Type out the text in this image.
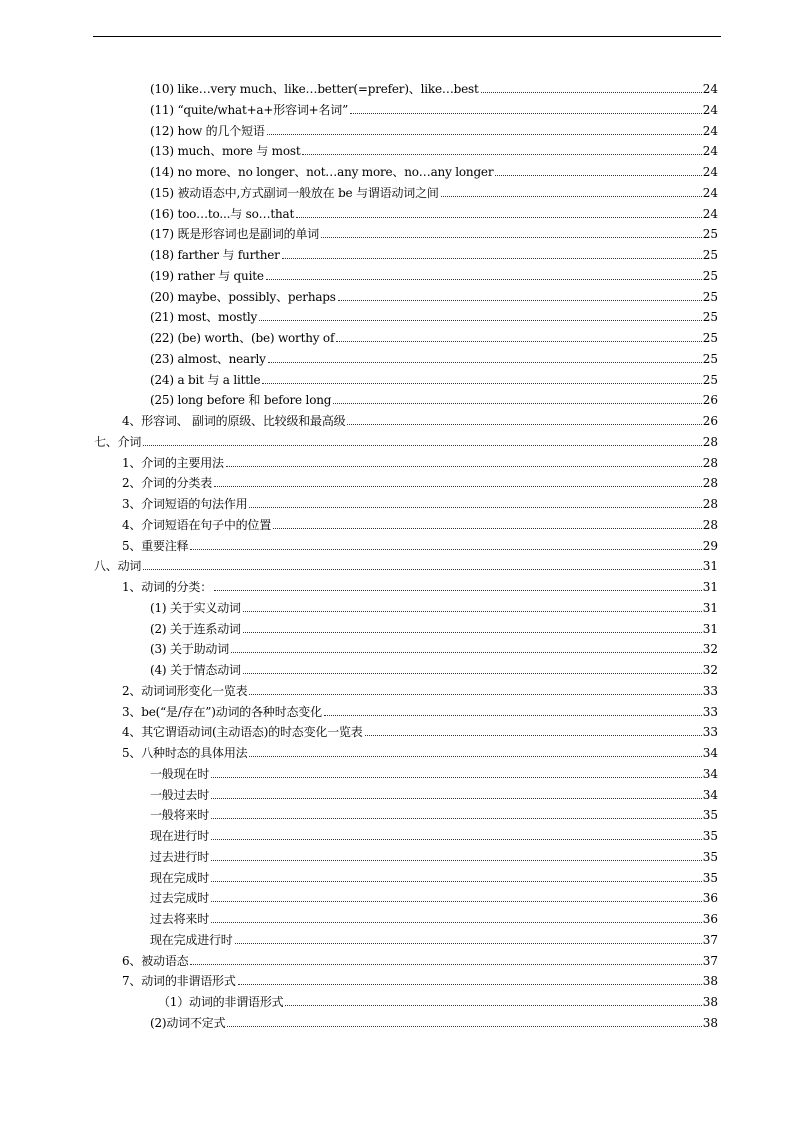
(10) like…very much、like…better(=prefer)、like…best	24
(11) “quite/what+a+形容词+名词”	24
(12) how 的几个短语	24
(13) much、more 与 most	24
(14) no more、no longer、not…any more、no…any longer	24
(15) 被动语态中,方式副词一般放在 be 与谓语动词之间	24
(16) too…to...与 so…that	24
(17) 既是形容词也是副词的单词	25
(18) farther 与 further	25
(19) rather 与 quite	25
(20) maybe、possibly、perhaps	25
(21) most、mostly	25
(22) (be) worth、(be) worthy of	25
(23) almost、nearly	25
(24) a bit 与 a little	25
(25) long before 和 before long	26
4、形容词、 副词的原级、比较级和最高级	26
七、介词	28
1、介词的主要用法	28
2、介词的分类表	28
3、介词短语的句法作用	28
4、介词短语在句子中的位置	28
5、重要注释	29
八、动词	31
1、动词的分类：	31
(1) 关于实义动词	31
(2) 关于连系动词	31
(3) 关于助动词	32
(4) 关于情态动词	32
2、动词词形变化一览表	33
3、be(“是/存在”)动词的各种时态变化	33
4、其它谓语动词(主动语态)的时态变化一览表	33
5、八种时态的具体用法	34
一般现在时	34
一般过去时	34
一般将来时	35
现在进行时	35
过去进行时	35
现在完成时	35
过去完成时	36
过去将来时	36
现在完成进行时	37
6、被动语态	37
7、动词的非谓语形式	38
（1）动词的非谓语形式	38
(2)动词不定式	38
